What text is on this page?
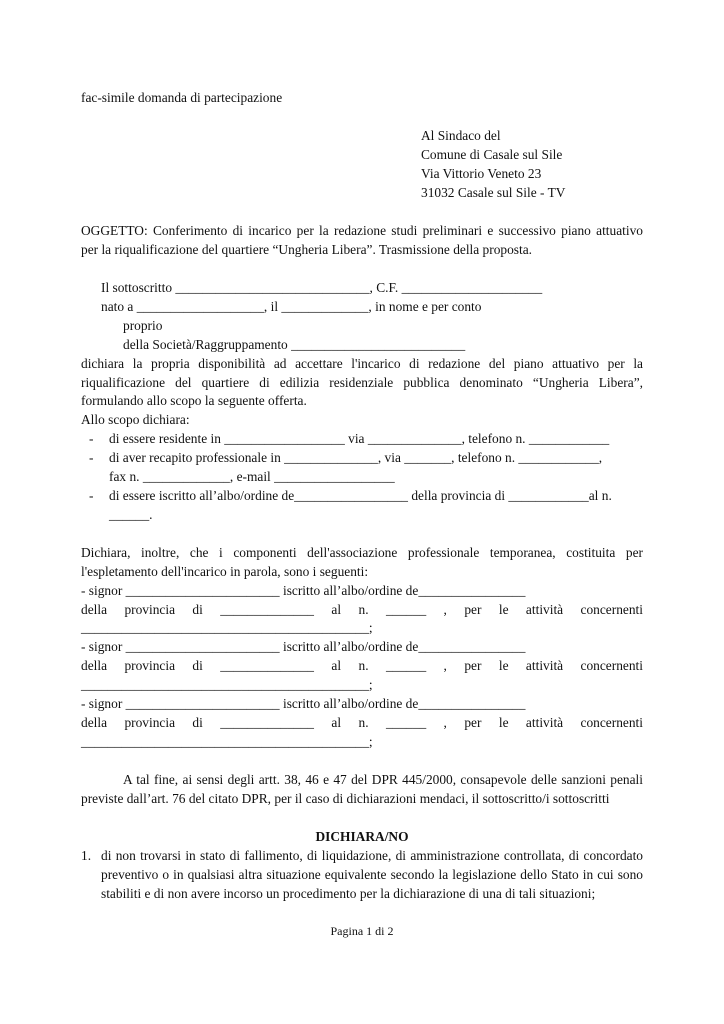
fac-simile domanda di partecipazione
Al Sindaco del
Comune di Casale sul Sile
Via Vittorio Veneto 23
31032 Casale sul Sile - TV
OGGETTO: Conferimento di incarico per la redazione studi preliminari e successivo piano attuativo
per la riqualificazione del quartiere “Ungheria Libera”. Trasmissione della proposta.
Il sottoscritto _____________________________, C.F. _____________________
nato a ___________________, il _____________, in nome e per conto
proprio
della Società/Raggruppamento __________________________
dichiara la propria disponibilità ad accettare l'incarico di redazione del piano attuativo per la
riqualificazione del quartiere di edilizia residenziale pubblica denominato “Ungheria Libera”,
formulando allo scopo la seguente offerta.
Allo scopo dichiara:
- di essere residente in __________________ via ______________, telefono n. ____________
- di aver recapito professionale in ______________, via _______, telefono n. ____________,
fax n. _____________, e-mail __________________
- di essere iscritto all’albo/ordine de_________________ della provincia di ____________al n.
______.
Dichiara, inoltre, che i componenti dell'associazione professionale temporanea, costituita per
l'espletamento dell'incarico in parola, sono i seguenti:
- signor _______________________ iscritto all’albo/ordine de________________
della provincia di ______________ al n. ______ , per le attività concernenti
___________________________________________;
- signor _______________________ iscritto all’albo/ordine de________________
della provincia di ______________ al n. ______ , per le attività concernenti
___________________________________________;
- signor _______________________ iscritto all’albo/ordine de________________
della provincia di ______________ al n. ______ , per le attività concernenti
___________________________________________;
A tal fine, ai sensi degli artt. 38, 46 e 47 del DPR 445/2000, consapevole delle sanzioni penali
previste dall’art. 76 del citato DPR, per il caso di dichiarazioni mendaci, il sottoscritto/i sottoscritti
DICHIARA/NO
1. di non trovarsi in stato di fallimento, di liquidazione, di amministrazione controllata, di concordato
preventivo o in qualsiasi altra situazione equivalente secondo la legislazione dello Stato in cui sono
stabiliti e di non avere incorso un procedimento per la dichiarazione di una di tali situazioni;
Pagina 1 di 2
